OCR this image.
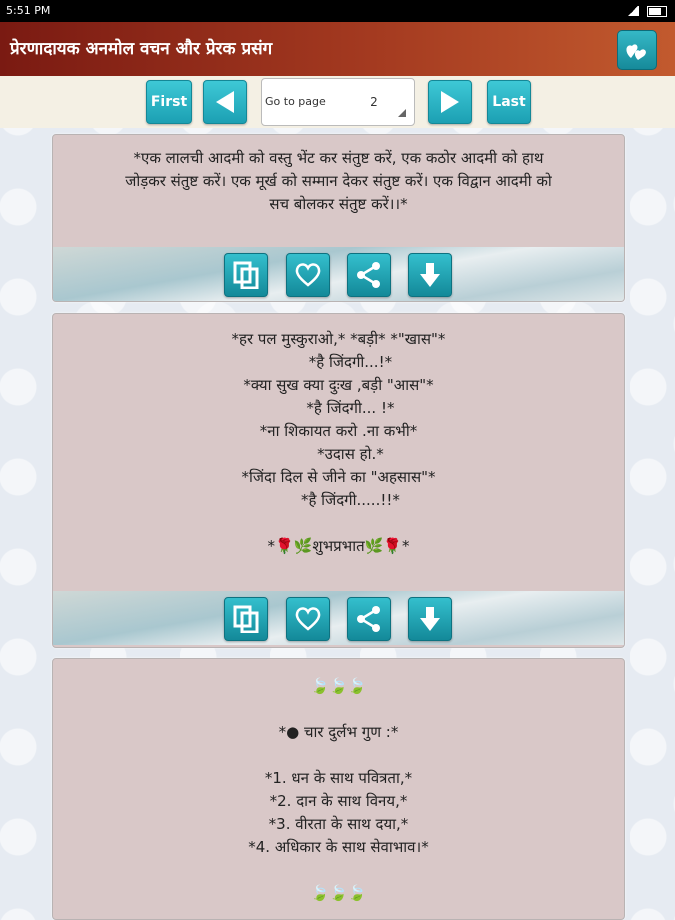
5:51 PM
प्रेरणादायक अनमोल वचन और प्रेरक प्रसंग
First	Go to page	2	Last
*एक लालची आदमी को वस्तु भेंट कर संतुष्ट करें, एक कठोर आदमी को हाथ
जोड़कर संतुष्ट करें। एक मूर्ख को सम्मान देकर संतुष्ट करें। एक विद्वान आदमी को
सच बोलकर संतुष्ट करें।।*
*हर पल मुस्कुराओ,* *बड़ी* *"खास"*
*है जिंदगी...!*
*क्या सुख क्या दुःख ,बड़ी "आस"*
*है जिंदगी... !*
*ना शिकायत करो .ना कभी*
*उदास हो.*
*जिंदा दिल से जीने का "अहसास"*
*है जिंदगी.....!!*
*🌹🌿शुभप्रभात🌿🌹*
🍃🍃🍃
*● चार दुर्लभ गुण :*
*1. धन के साथ पवित्रता,*
*2. दान के साथ विनय,*
*3. वीरता के साथ दया,*
*4. अधिकार के साथ सेवाभाव।*
🍃🍃🍃
